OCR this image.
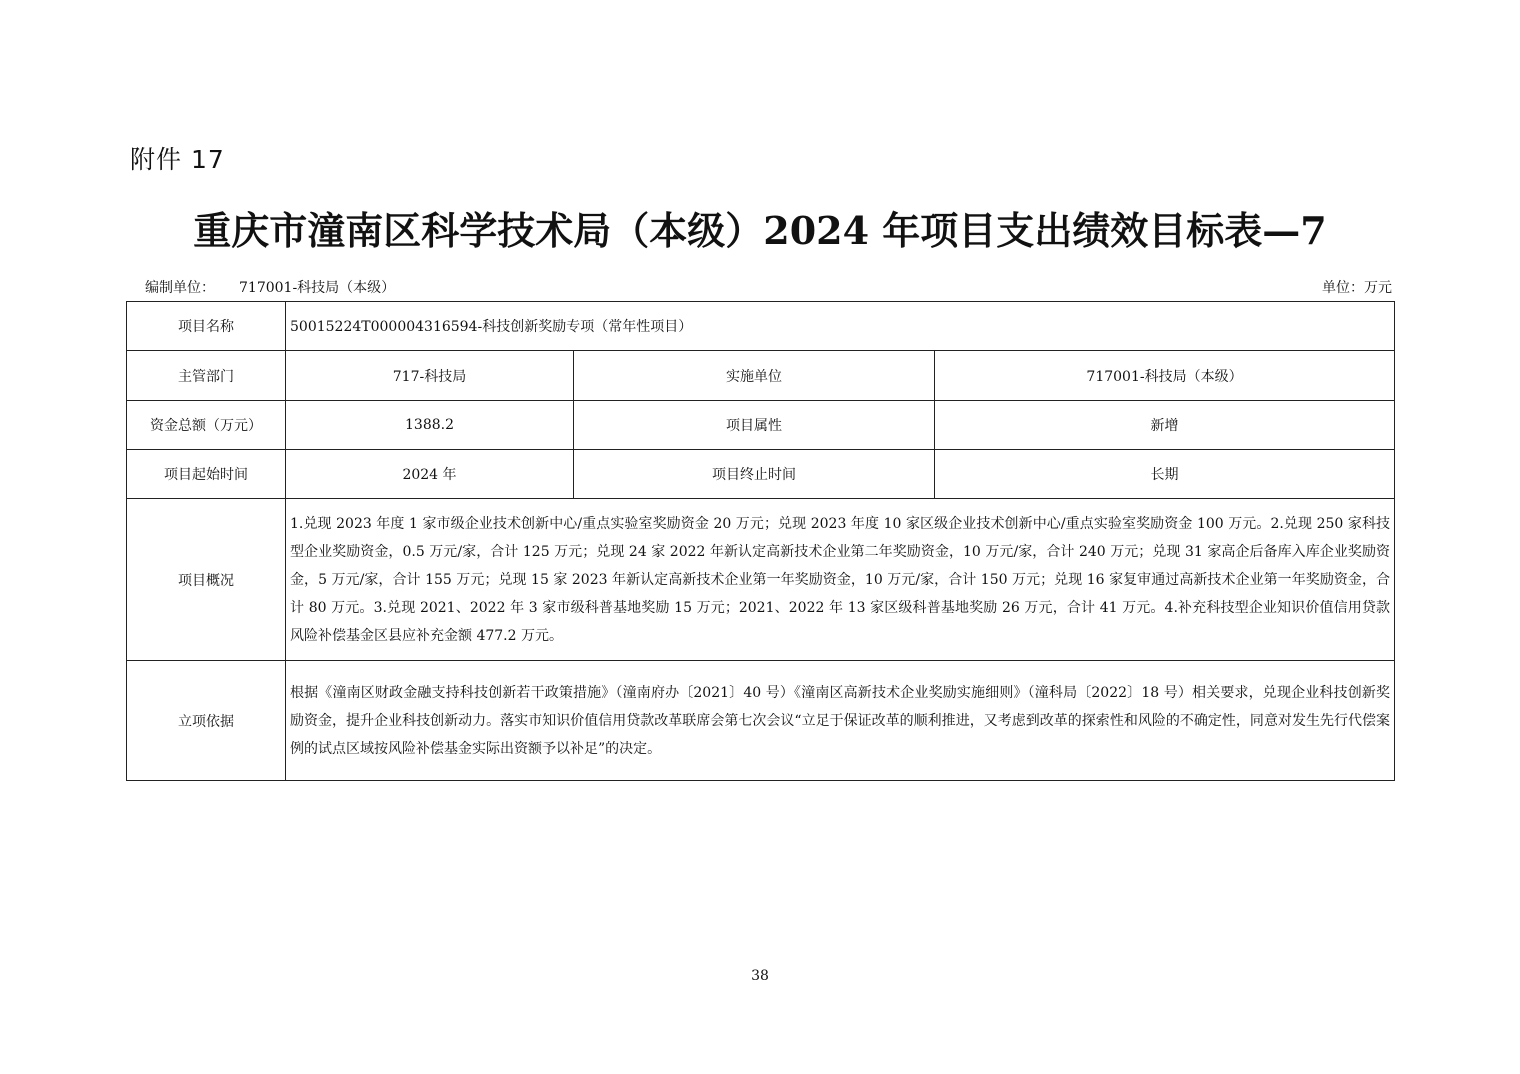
附件 17
重庆市潼南区科学技术局（本级）2024 年项目支出绩效目标表—7
编制单位： 717001-科技局（本级）	单位：万元
项目名称	50015224T000004316594-科技创新奖励专项（常年性项目）		
主管部门	717-科技局	实施单位	717001-科技局（本级）
资金总额（万元）	1388.2	项目属性	新增
项目起始时间	2024 年	项目终止时间	长期
项目概况	1.兑现 2023 年度 1 家市级企业技术创新中心/重点实验室奖励资金 20 万元；兑现 2023 年度 10 家区级企业技术创新中心/重点实验室奖励资金 100 万元。2.兑现 250 家科技型企业奖励资金，0.5 万元/家，合计 125 万元；兑现 24 家 2022 年新认定高新技术企业第二年奖励资金，10 万元/家，合计 240 万元；兑现 31 家高企后备库入库企业奖励资金，5 万元/家，合计 155 万元；兑现 15 家 2023 年新认定高新技术企业第一年奖励资金，10 万元/家，合计 150 万元；兑现 16 家复审通过高新技术企业第一年奖励资金，合计 80 万元。3.兑现 2021、2022 年 3 家市级科普基地奖励 15 万元；2021、2022 年 13 家区级科普基地奖励 26 万元，合计 41 万元。4.补充科技型企业知识价值信用贷款风险补偿基金区县应补充金额 477.2 万元。		
立项依据	根据《潼南区财政金融支持科技创新若干政策措施》（潼南府办〔2021〕40 号）《潼南区高新技术企业奖励实施细则》（潼科局〔2022〕18 号）相关要求，兑现企业科技创新奖励资金，提升企业科技创新动力。落实市知识价值信用贷款改革联席会第七次会议“立足于保证改革的顺利推进，又考虑到改革的探索性和风险的不确定性，同意对发生先行代偿案例的试点区域按风险补偿基金实际出资额予以补足”的决定。		
38
